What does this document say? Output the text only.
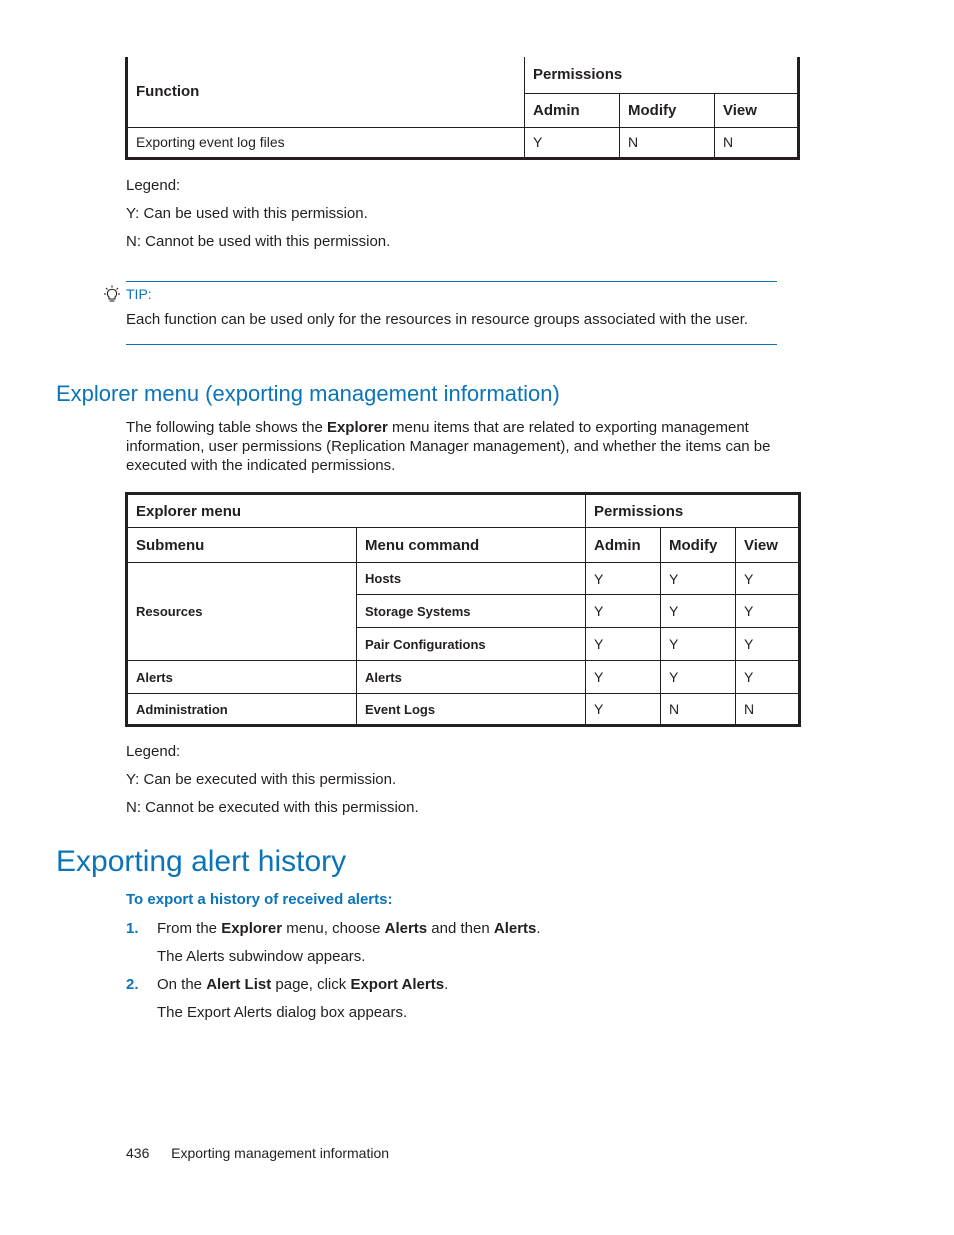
Function	Permissions		
	Admin	Modify	View
Exporting event log files	Y	N	N
Legend:
Y: Can be used with this permission.
N: Cannot be used with this permission.
TIP:
Each function can be used only for the resources in resource groups associated with the user.
Explorer menu (exporting management information)
The following table shows the Explorer menu items that are related to exporting management
information, user permissions (Replication Manager management), and whether the items can be
executed with the indicated permissions.
Explorer menu		Permissions		
Submenu	Menu command	Admin	Modify	View
Resources	Hosts	Y	Y	Y
	Storage Systems	Y	Y	Y
	Pair Configurations	Y	Y	Y
Alerts	Alerts	Y	Y	Y
Administration	Event Logs	Y	N	N
Legend:
Y: Can be executed with this permission.
N: Cannot be executed with this permission.
Exporting alert history
To export a history of received alerts:
1. From the Explorer menu, choose Alerts and then Alerts.
The Alerts subwindow appears.
2. On the Alert List page, click Export Alerts.
The Export Alerts dialog box appears.
436 Exporting management information
